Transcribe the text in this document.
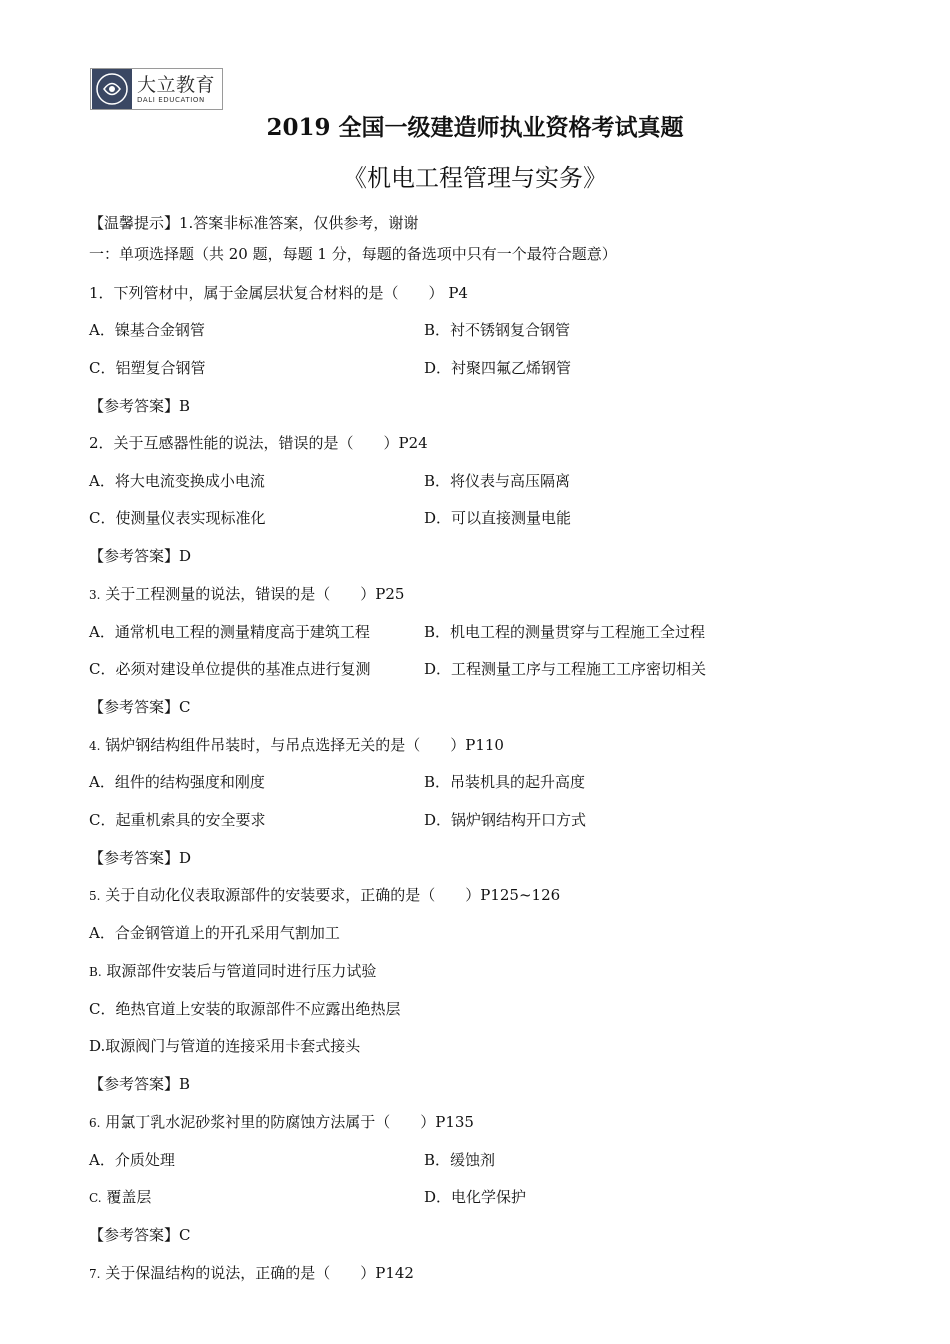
大立教育
DALI EDUCATION
2019 全国一级建造师执业资格考试真题
《机电工程管理与实务》
【温馨提示】1.答案非标准答案，仅供参考，谢谢
一：单项选择题（共 20 题，每题 1 分，每题的备选项中只有一个最符合题意）
1．下列管材中，属于金属层状复合材料的是（　　） P4
A．镍基合金钢管	B．衬不锈钢复合钢管
C．铝塑复合钢管	D．衬聚四氟乙烯钢管
【参考答案】B
2．关于互感器性能的说法，错误的是（　　）P24
A．将大电流变换成小电流	B．将仪表与高压隔离
C．使测量仪表实现标准化	D．可以直接测量电能
【参考答案】D
3. 关于工程测量的说法，错误的是（　　）P25
A．通常机电工程的测量精度高于建筑工程	B．机电工程的测量贯穿与工程施工全过程
C．必须对建设单位提供的基准点进行复测	D．工程测量工序与工程施工工序密切相关
【参考答案】C
4. 锅炉钢结构组件吊装时，与吊点选择无关的是（　　）P110
A．组件的结构强度和刚度	B．吊装机具的起升高度
C．起重机索具的安全要求	D．锅炉钢结构开口方式
【参考答案】D
5. 关于自动化仪表取源部件的安装要求，正确的是（　　）P125~126
A．合金钢管道上的开孔采用气割加工
B. 取源部件安装后与管道同时进行压力试验
C．绝热官道上安装的取源部件不应露出绝热层
D.取源阀门与管道的连接采用卡套式接头
【参考答案】B
6. 用氯丁乳水泥砂浆衬里的防腐蚀方法属于（　　）P135
A．介质处理	B．缓蚀剂
C. 覆盖层	D．电化学保护
【参考答案】C
7. 关于保温结构的说法，正确的是（　　）P142
